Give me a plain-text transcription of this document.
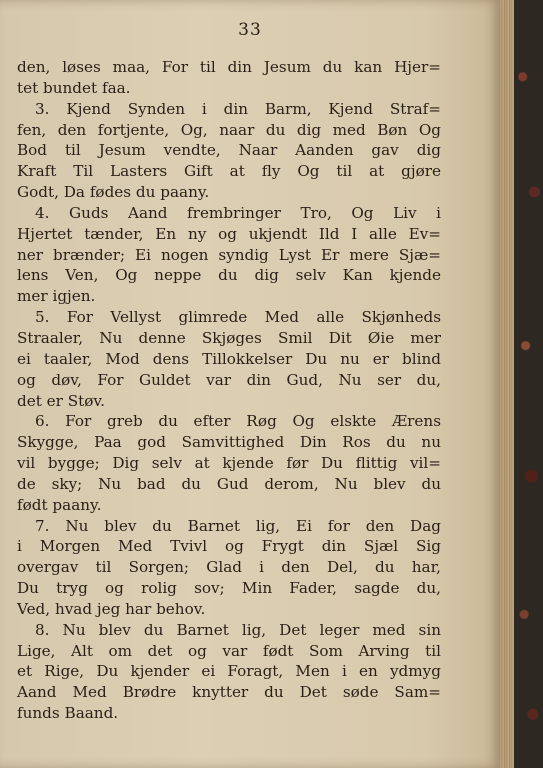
33
den, løses maa, For til din Jesum du kan Hjer=
tet bundet faa.
3. Kjend Synden i din Barm, Kjend Straf=
fen, den fortjente, Og, naar du dig med Bøn Og
Bod til Jesum vendte, Naar Aanden gav dig
Kraft Til Lasters Gift at fly Og til at gjøre
Godt, Da fødes du paany.
4. Guds Aand frembringer Tro, Og Liv i
Hjertet tænder, En ny og ukjendt Ild I alle Ev=
ner brænder; Ei nogen syndig Lyst Er mere Sjæ=
lens Ven, Og neppe du dig selv Kan kjende
mer igjen.
5. For Vellyst glimrede Med alle Skjønheds
Straaler, Nu denne Skjøges Smil Dit Øie mer
ei taaler, Mod dens Tillokkelser Du nu er blind
og døv, For Guldet var din Gud, Nu ser du,
det er Støv.
6. For greb du efter Røg Og elskte Ærens
Skygge, Paa god Samvittighed Din Ros du nu
vil bygge; Dig selv at kjende før Du flittig vil=
de sky; Nu bad du Gud derom, Nu blev du
født paany.
7. Nu blev du Barnet lig, Ei for den Dag
i Morgen Med Tvivl og Frygt din Sjæl Sig
overgav til Sorgen; Glad i den Del, du har,
Du tryg og rolig sov; Min Fader, sagde du,
Ved, hvad jeg har behov.
8. Nu blev du Barnet lig, Det leger med sin
Lige, Alt om det og var født Som Arving til
et Rige, Du kjender ei Foragt, Men i en ydmyg
Aand Med Brødre knytter du Det søde Sam=
funds Baand.
